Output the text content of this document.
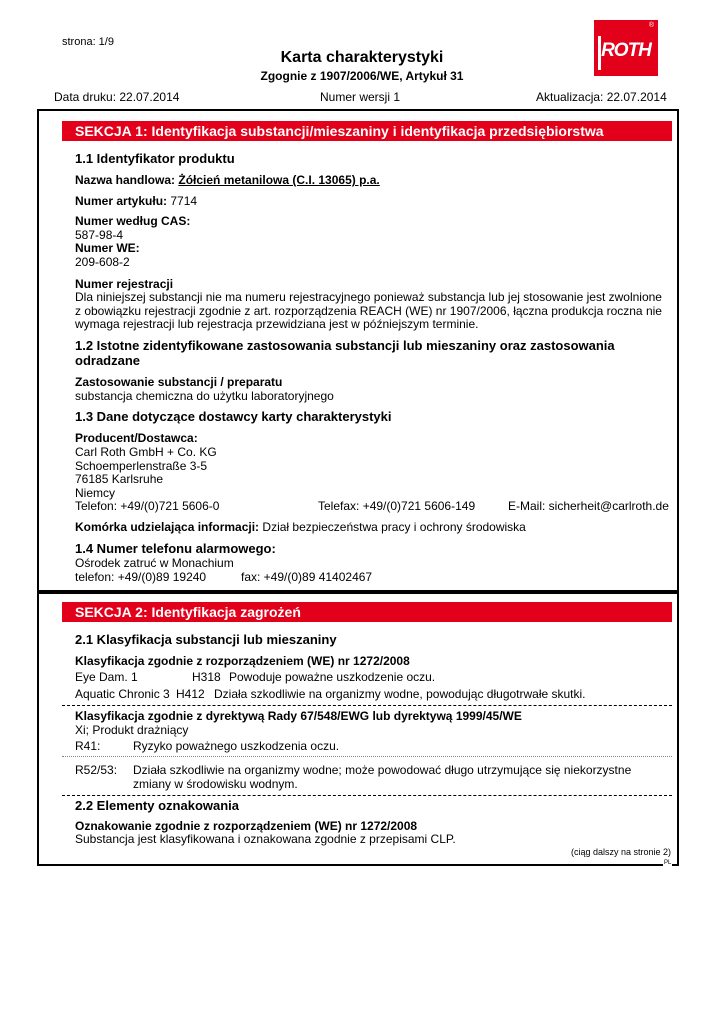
strona: 1/9
Karta charakterystyki
Zgognie z 1907/2006/WE, Artykuł 31
®
ROTH
Data druku: 22.07.2014	Numer wersji 1	Aktualizacja: 22.07.2014
SEKCJA 1: Identyfikacja substancji/mieszaniny i identyfikacja przedsiębiorstwa
1.1 Identyfikator produktu
Nazwa handlowa: Żółcień metanilowa (C.I. 13065) p.a.
Numer artykułu: 7714
Numer według CAS:
587-98-4
Numer WE:
209-608-2
Numer rejestracji
Dla niniejszej substancji nie ma numeru rejestracyjnego ponieważ substancja lub jej stosowanie jest zwolnione
z obowiązku rejestracji zgodnie z art. rozporządzenia REACH (WE) nr 1907/2006, łączna produkcja roczna nie
wymaga rejestracji lub rejestracja przewidziana jest w późniejszym terminie.
1.2 Istotne zidentyfikowane zastosowania substancji lub mieszaniny oraz zastosowania
odradzane
Zastosowanie substancji / preparatu
substancja chemiczna do użytku laboratoryjnego
1.3 Dane dotyczące dostawcy karty charakterystyki
Producent/Dostawca:
Carl Roth GmbH + Co. KG
Schoemperlenstraße 3-5
76185 Karlsruhe
Niemcy
Telefon: +49/(0)721 5606-0	Telefax: +49/(0)721 5606-149	E-Mail: sicherheit@carlroth.de
Komórka udzielająca informacji: Dział bezpieczeństwa pracy i ochrony środowiska
1.4 Numer telefonu alarmowego:
Ośrodek zatruć w Monachium
telefon: +49/(0)89 19240	fax: +49/(0)89 41402467
SEKCJA 2: Identyfikacja zagrożeń
2.1 Klasyfikacja substancji lub mieszaniny
Klasyfikacja zgodnie z rozporządzeniem (WE) nr 1272/2008
Eye Dam. 1	H318 Powoduje poważne uszkodzenie oczu.
Aquatic Chronic 3 H412 Działa szkodliwie na organizmy wodne, powodując długotrwałe skutki.
Klasyfikacja zgodnie z dyrektywą Rady 67/548/EWG lub dyrektywą 1999/45/WE
Xi; Produkt drażniący
R41:	Ryzyko poważnego uszkodzenia oczu.
R52/53: Działa szkodliwie na organizmy wodne; może powodować długo utrzymujące się niekorzystne
zmiany w środowisku wodnym.
2.2 Elementy oznakowania
Oznakowanie zgodnie z rozporządzeniem (WE) nr 1272/2008
Substancja jest klasyfikowana i oznakowana zgodnie z przepisami CLP.
(ciąg dalszy na stronie 2)
PL
